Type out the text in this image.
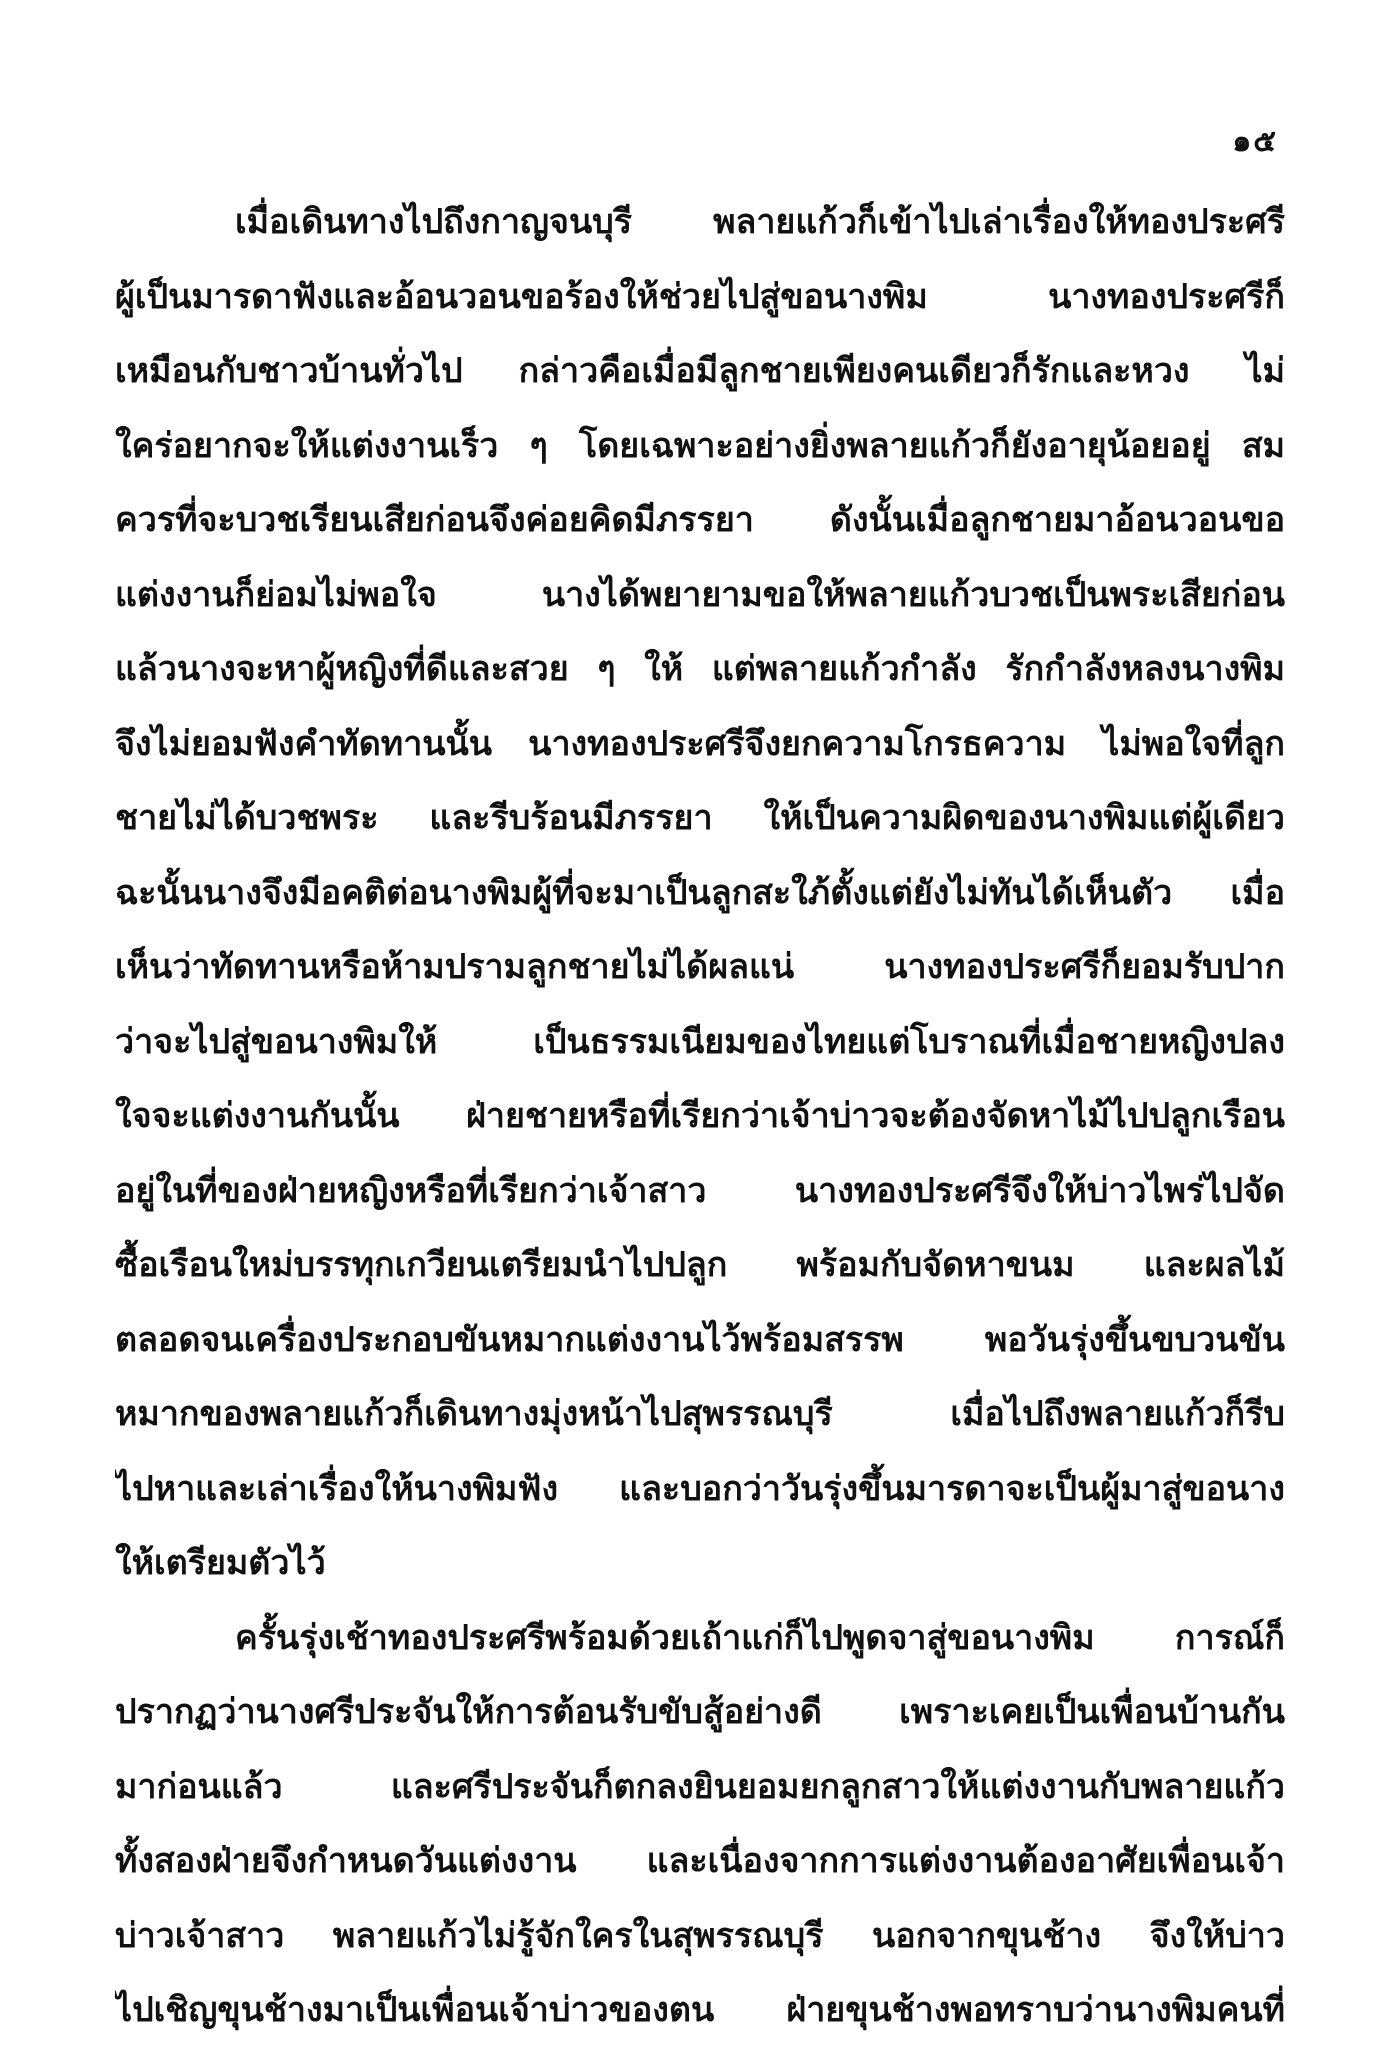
๑๕
เมื่อเดินทางไปถึงกาญจนบุรี พลายแก้วก็เข้าไปเล่าเรื่องให้ทองประศรี
ผู้เป็นมารดาฟังและอ้อนวอนขอร้องให้ช่วยไปสู่ขอนางพิม นางทองประศรีก็
เหมือนกับชาวบ้านทั่วไป กล่าวคือเมื่อมีลูกชายเพียงคนเดียวก็รักและหวง ไม่
ใคร่อยากจะให้แต่งงานเร็ว ๆ โดยเฉพาะอย่างยิ่งพลายแก้วก็ยังอายุน้อยอยู่ สม
ควรที่จะบวชเรียนเสียก่อนจึงค่อยคิดมีภรรยา ดังนั้นเมื่อลูกชายมาอ้อนวอนขอ
แต่งงานก็ย่อมไม่พอใจ นางได้พยายามขอให้พลายแก้วบวชเป็นพระเสียก่อน
แล้วนางจะหาผู้หญิงที่ดีและสวย ๆ ให้ แต่พลายแก้วกำลัง รักกำลังหลงนางพิม
จึงไม่ยอมฟังคำทัดทานนั้น นางทองประศรีจึงยกความโกรธความ ไม่พอใจที่ลูก
ชายไม่ได้บวชพระ และรีบร้อนมีภรรยา ให้เป็นความผิดของนางพิมแต่ผู้เดียว
ฉะนั้นนางจึงมีอคติต่อนางพิมผู้ที่จะมาเป็นลูกสะใภ้ตั้งแต่ยังไม่ทันได้เห็นตัว เมื่อ
เห็นว่าทัดทานหรือห้ามปรามลูกชายไม่ได้ผลแน่ นางทองประศรีก็ยอมรับปาก
ว่าจะไปสู่ขอนางพิมให้ เป็นธรรมเนียมของไทยแต่โบราณที่เมื่อชายหญิงปลง
ใจจะแต่งงานกันนั้น ฝ่ายชายหรือที่เรียกว่าเจ้าบ่าวจะต้องจัดหาไม้ไปปลูกเรือน
อยู่ในที่ของฝ่ายหญิงหรือที่เรียกว่าเจ้าสาว นางทองประศรีจึงให้บ่าวไพร่ไปจัด
ซื้อเรือนใหม่บรรทุกเกวียนเตรียมนำไปปลูก พร้อมกับจัดหาขนม และผลไม้
ตลอดจนเครื่องประกอบขันหมากแต่งงานไว้พร้อมสรรพ พอวันรุ่งขึ้นขบวนขัน
หมากของพลายแก้วก็เดินทางมุ่งหน้าไปสุพรรณบุรี เมื่อไปถึงพลายแก้วก็รีบ
ไปหาและเล่าเรื่องให้นางพิมฟัง และบอกว่าวันรุ่งขึ้นมารดาจะเป็นผู้มาสู่ขอนาง
ให้เตรียมตัวไว้
ครั้นรุ่งเช้าทองประศรีพร้อมด้วยเถ้าแก่ก็ไปพูดจาสู่ขอนางพิม การณ์ก็
ปรากฏว่านางศรีประจันให้การต้อนรับขับสู้อย่างดี เพราะเคยเป็นเพื่อนบ้านกัน
มาก่อนแล้ว และศรีประจันก็ตกลงยินยอมยกลูกสาวให้แต่งงานกับพลายแก้ว
ทั้งสองฝ่ายจึงกำหนดวันแต่งงาน และเนื่องจากการแต่งงานต้องอาศัยเพื่อนเจ้า
บ่าวเจ้าสาว พลายแก้วไม่รู้จักใครในสุพรรณบุรี นอกจากขุนช้าง จึงให้บ่าว
ไปเชิญขุนช้างมาเป็นเพื่อนเจ้าบ่าวของตน ฝ่ายขุนช้างพอทราบว่านางพิมคนที่
